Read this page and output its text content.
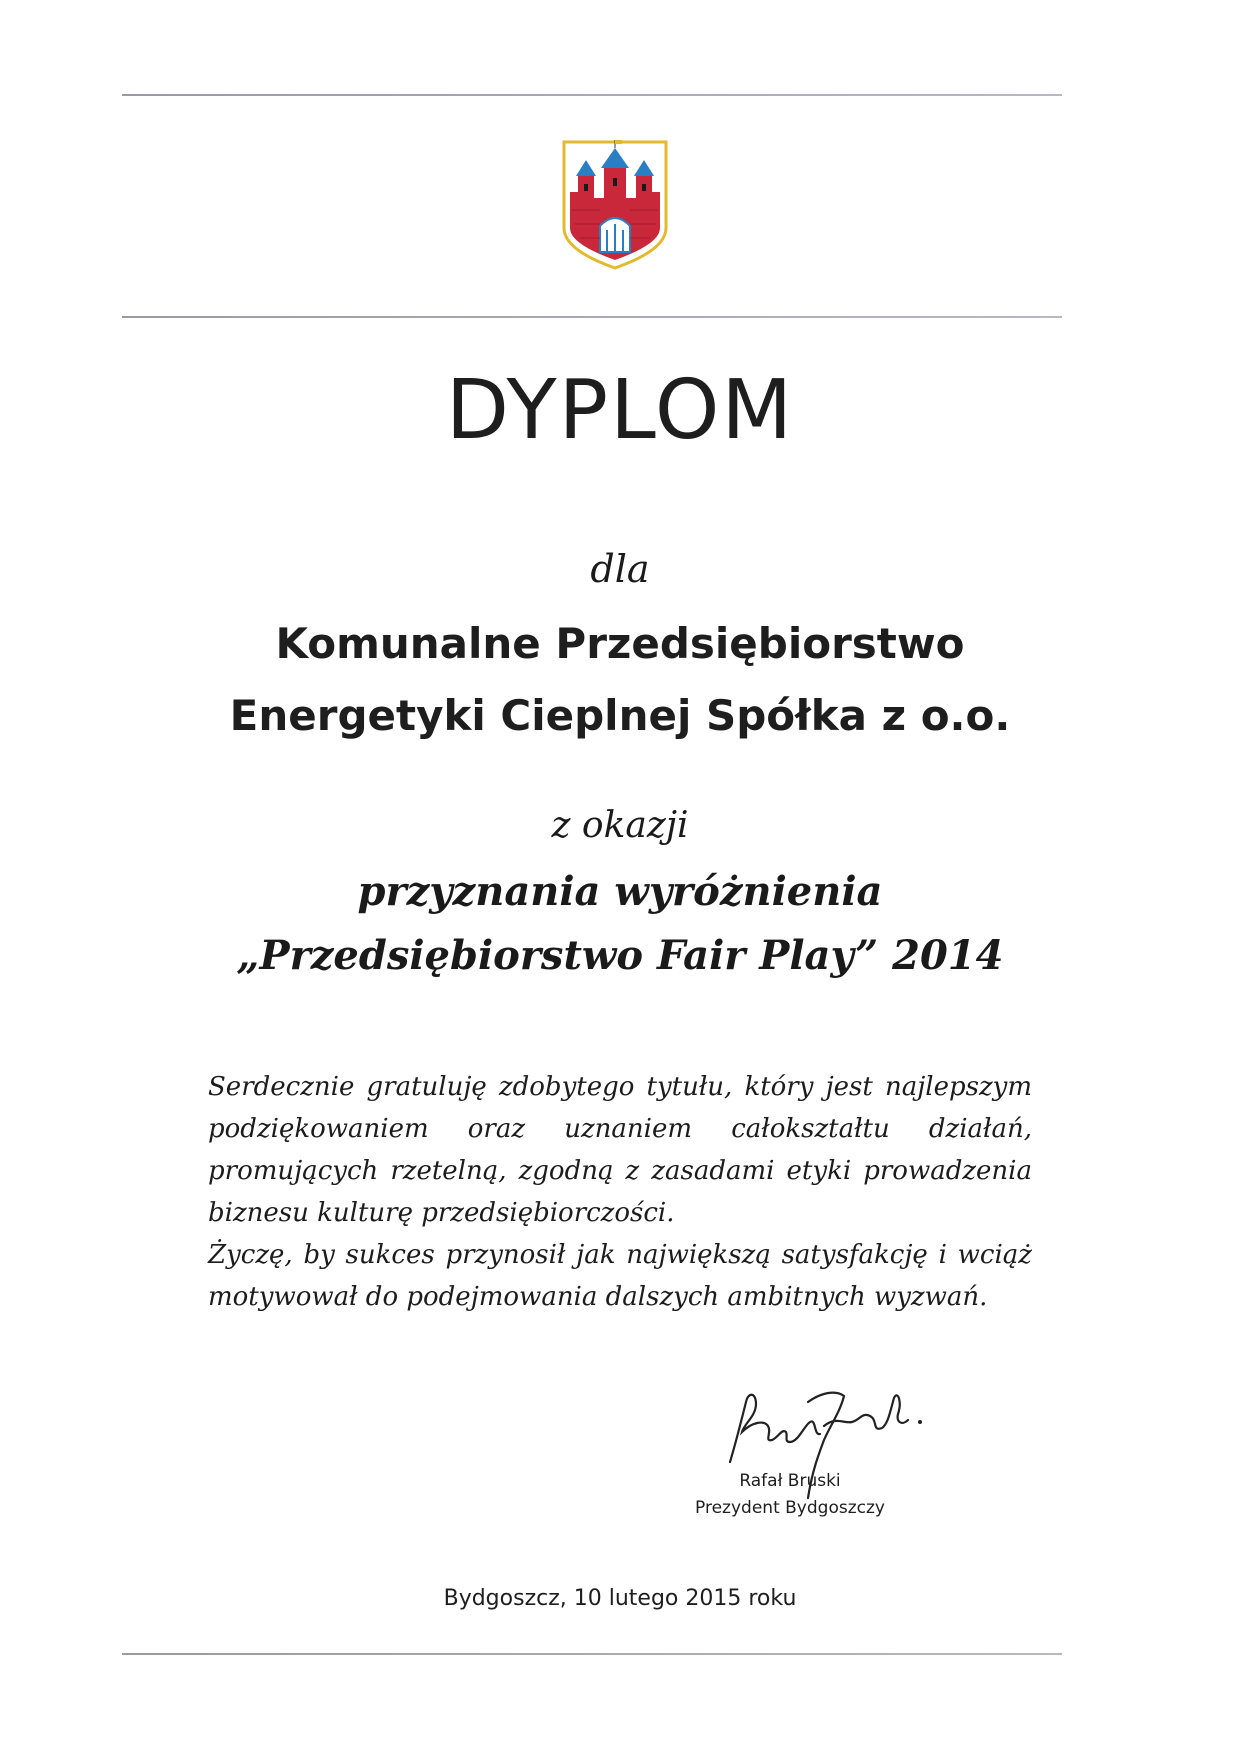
DYPLOM
dla
Komunalne Przedsiębiorstwo
Energetyki Cieplnej Spółka z o.o.
z okazji
przyznania wyróżnienia
„Przedsiębiorstwo Fair Play” 2014
Serdecznie gratuluję zdobytego tytułu, który jest najlepszym
podziękowaniem oraz uznaniem całokształtu działań,
promujących rzetelną, zgodną z zasadami etyki prowadzenia
biznesu kulturę przedsiębiorczości.
Życzę, by sukces przynosił jak największą satysfakcję i wciąż
motywował do podejmowania dalszych ambitnych wyzwań.
Rafał Bruski
Prezydent Bydgoszczy
Bydgoszcz, 10 lutego 2015 roku
